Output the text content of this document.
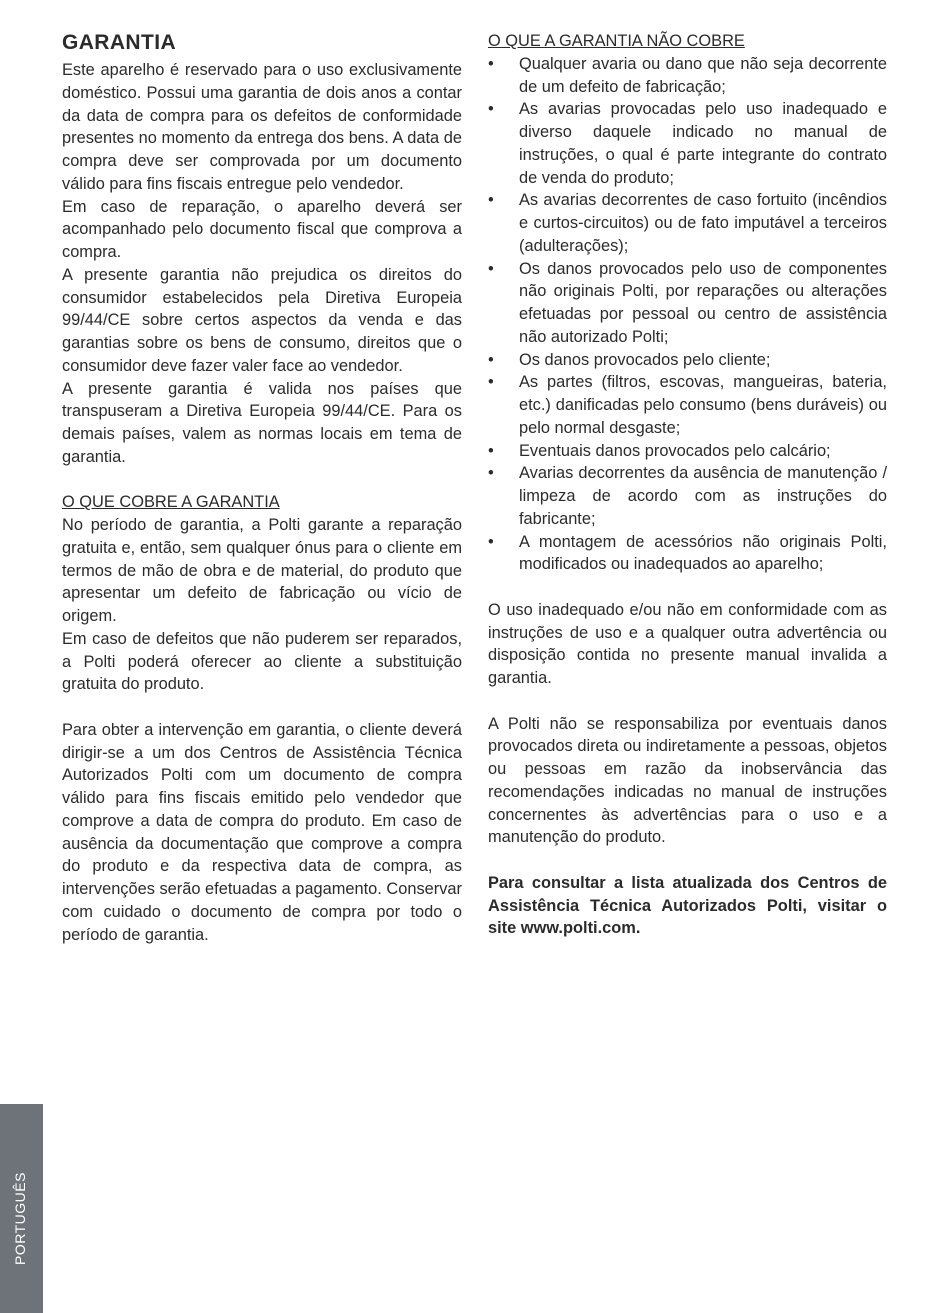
GARANTIA

Este aparelho é reservado para o uso exclusivamente doméstico. Possui uma garantia de dois anos a contar da data de compra para os defeitos de conformidade presentes no momento da entrega dos bens. A data de compra deve ser comprovada por um documento válido para fins fiscais entregue pelo vendedor.

Em caso de reparação, o aparelho deverá ser acompanhado pelo documento fiscal que comprova a compra.

A presente garantia não prejudica os direitos do consumidor estabelecidos pela Diretiva Europeia 99/44/CE sobre certos aspectos da venda e das garantias sobre os bens de consumo, direitos que o consumidor deve fazer valer face ao vendedor.

A presente garantia é valida nos países que transpuseram a Diretiva Europeia 99/44/CE. Para os demais países, valem as normas locais em tema de garantia.

O QUE COBRE A GARANTIA

No período de garantia, a Polti garante a reparação gratuita e, então, sem qualquer ónus para o cliente em termos de mão de obra e de material, do produto que apresentar um defeito de fabricação ou vício de origem.

Em caso de defeitos que não puderem ser reparados, a Polti poderá oferecer ao cliente a substituição gratuita do produto.

Para obter a intervenção em garantia, o cliente deverá dirigir-se a um dos Centros de Assistência Técnica Autorizados Polti com um documento de compra válido para fins fiscais emitido pelo vendedor que comprove a data de compra do produto. Em caso de ausência da documentação que comprove a compra do produto e da respectiva data de compra, as intervenções serão efetuadas a pagamento. Conservar com cuidado o documento de compra por todo o período de garantia.

O QUE A GARANTIA NÃO COBRE

• Qualquer avaria ou dano que não seja decorrente de um defeito de fabricação;
• As avarias provocadas pelo uso inadequado e diverso daquele indicado no manual de instruções, o qual é parte integrante do contrato de venda do produto;
• As avarias decorrentes de caso fortuito (incêndios e curtos-circuitos) ou de fato imputável a terceiros (adulterações);
• Os danos provocados pelo uso de componentes não originais Polti, por reparações ou alterações efetuadas por pessoal ou centro de assistência não autorizado Polti;
• Os danos provocados pelo cliente;
• As partes (filtros, escovas, mangueiras, bateria, etc.) danificadas pelo consumo (bens duráveis) ou pelo normal desgaste;
• Eventuais danos provocados pelo calcário;
• Avarias decorrentes da ausência de manutenção / limpeza de acordo com as instruções do fabricante;
• A montagem de acessórios não originais Polti, modificados ou inadequados ao aparelho;

O uso inadequado e/ou não em conformidade com as instruções de uso e a qualquer outra advertência ou disposição contida no presente manual invalida a garantia.

A Polti não se responsabiliza por eventuais danos provocados direta ou indiretamente a pessoas, objetos ou pessoas em razão da inobservância das recomendações indicadas no manual de instruções concernentes às advertências para o uso e a manutenção do produto.

Para consultar a lista atualizada dos Centros de Assistência Técnica Autorizados Polti, visitar o site www.polti.com.

PORTUGUÊS
